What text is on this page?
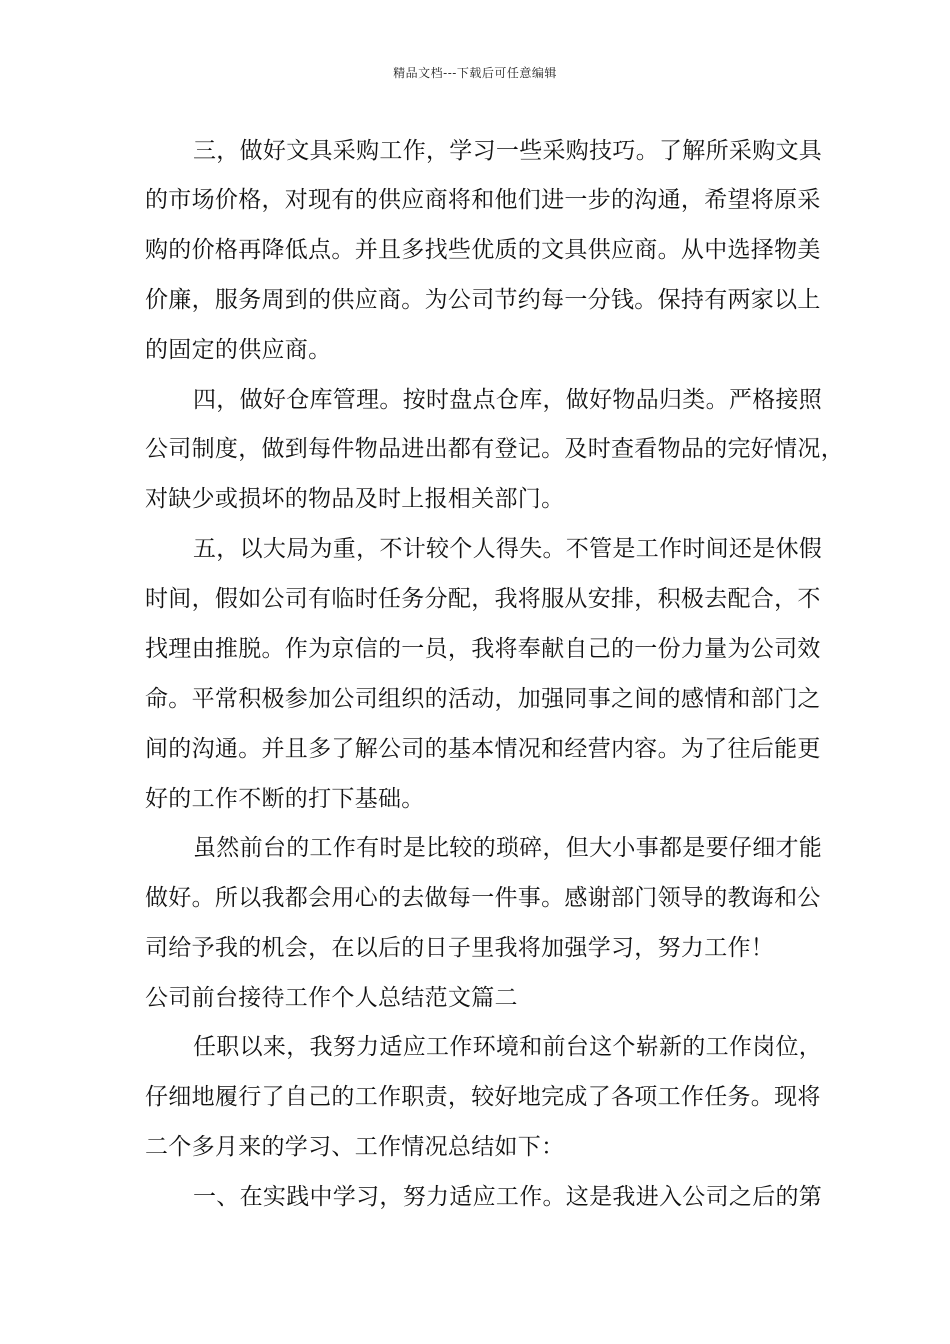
精品文档---下载后可任意编辑
三，做好文具采购工作，学习一些采购技巧。了解所采购文具
的市场价格，对现有的供应商将和他们进一步的沟通，希望将原采
购的价格再降低点。并且多找些优质的文具供应商。从中选择物美
价廉，服务周到的供应商。为公司节约每一分钱。保持有两家以上
的固定的供应商。
四，做好仓库管理。按时盘点仓库，做好物品归类。严格接照
公司制度，做到每件物品进出都有登记。及时查看物品的完好情况，
对缺少或损坏的物品及时上报相关部门。
五，以大局为重，不计较个人得失。不管是工作时间还是休假
时间，假如公司有临时任务分配，我将服从安排，积极去配合，不
找理由推脱。作为京信的一员，我将奉献自己的一份力量为公司效
命。平常积极参加公司组织的活动，加强同事之间的感情和部门之
间的沟通。并且多了解公司的基本情况和经营内容。为了往后能更
好的工作不断的打下基础。
虽然前台的工作有时是比较的琐碎，但大小事都是要仔细才能
做好。所以我都会用心的去做每一件事。感谢部门领导的教诲和公
司给予我的机会，在以后的日子里我将加强学习，努力工作！
公司前台接待工作个人总结范文篇二
任职以来，我努力适应工作环境和前台这个崭新的工作岗位，
仔细地履行了自己的工作职责，较好地完成了各项工作任务。现将
二个多月来的学习、工作情况总结如下：
一、在实践中学习，努力适应工作。这是我进入公司之后的第
